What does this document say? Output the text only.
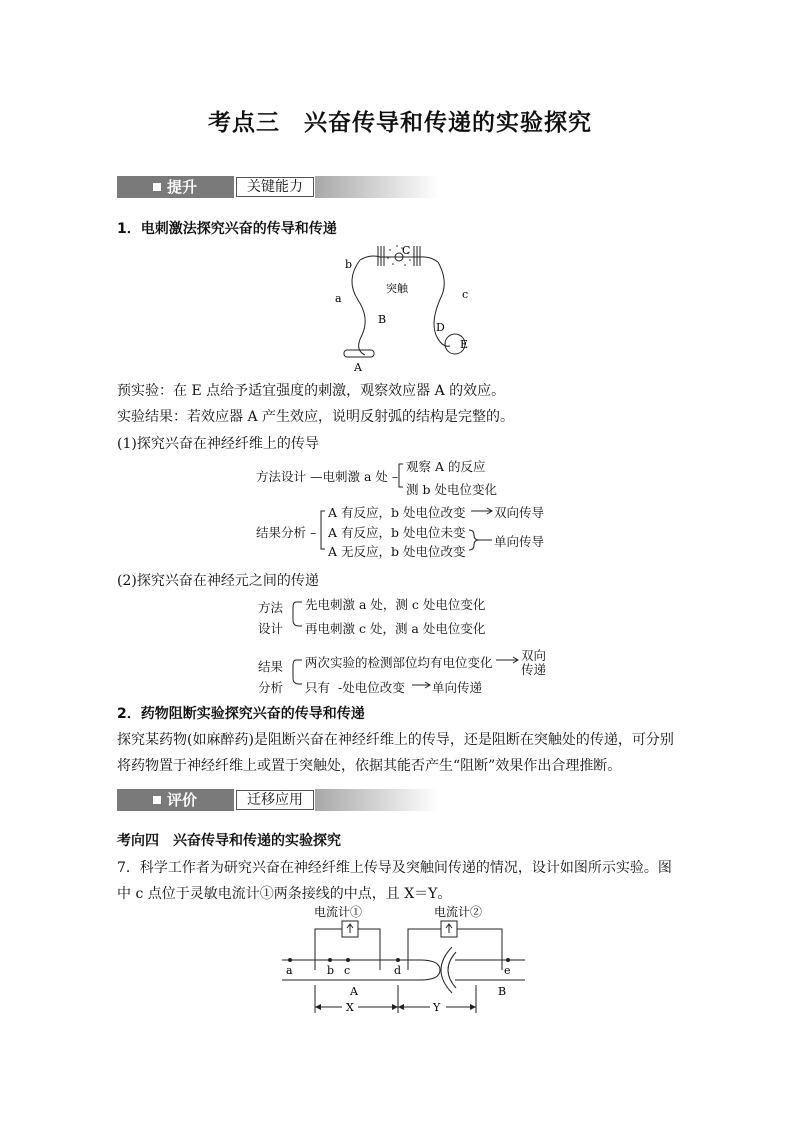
考点三　兴奋传导和传递的实验探究
提升	关键能力
1．电刺激法探究兴奋的传导和传递
b
a	c
C
B
D
E
A
突触
预实验：在 E 点给予适宜强度的刺激，观察效应器 A 的效应。
实验结果：若效应器 A 产生效应，说明反射弧的结构是完整的。
(1)探究兴奋在神经纤维上的传导
方法设计 —电刺激 a 处 –
观察 A 的反应
测 b 处电位变化
结果分析 –
A 有反应，b 处电位改变
A 有反应，b 处电位未变
A 无反应，b 处电位改变
双向传导
单向传导
(2)探究兴奋在神经元之间的传递
方法
设计
先电刺激 a 处，测 c 处电位变化
再电刺激 c 处，测 a 处电位变化
结果
分析
两次实验的检测部位均有电位变化 双向
传递
只有 -处电位改变 单向传递
2．药物阻断实验探究兴奋的传导和传递
探究某药物(如麻醉药)是阻断兴奋在神经纤维上的传导，还是阻断在突触处的传递，可分别
将药物置于神经纤维上或置于突触处，依据其能否产生“阻断”效果作出合理推断。
评价	迁移应用
考向四　兴奋传导和传递的实验探究
7．科学工作者为研究兴奋在神经纤维上传导及突触间传递的情况，设计如图所示实验。图
中 c 点位于灵敏电流计①两条接线的中点，且 X＝Y。
电流计①	电流计②
a	b c	d	e
A	B
X	Y
